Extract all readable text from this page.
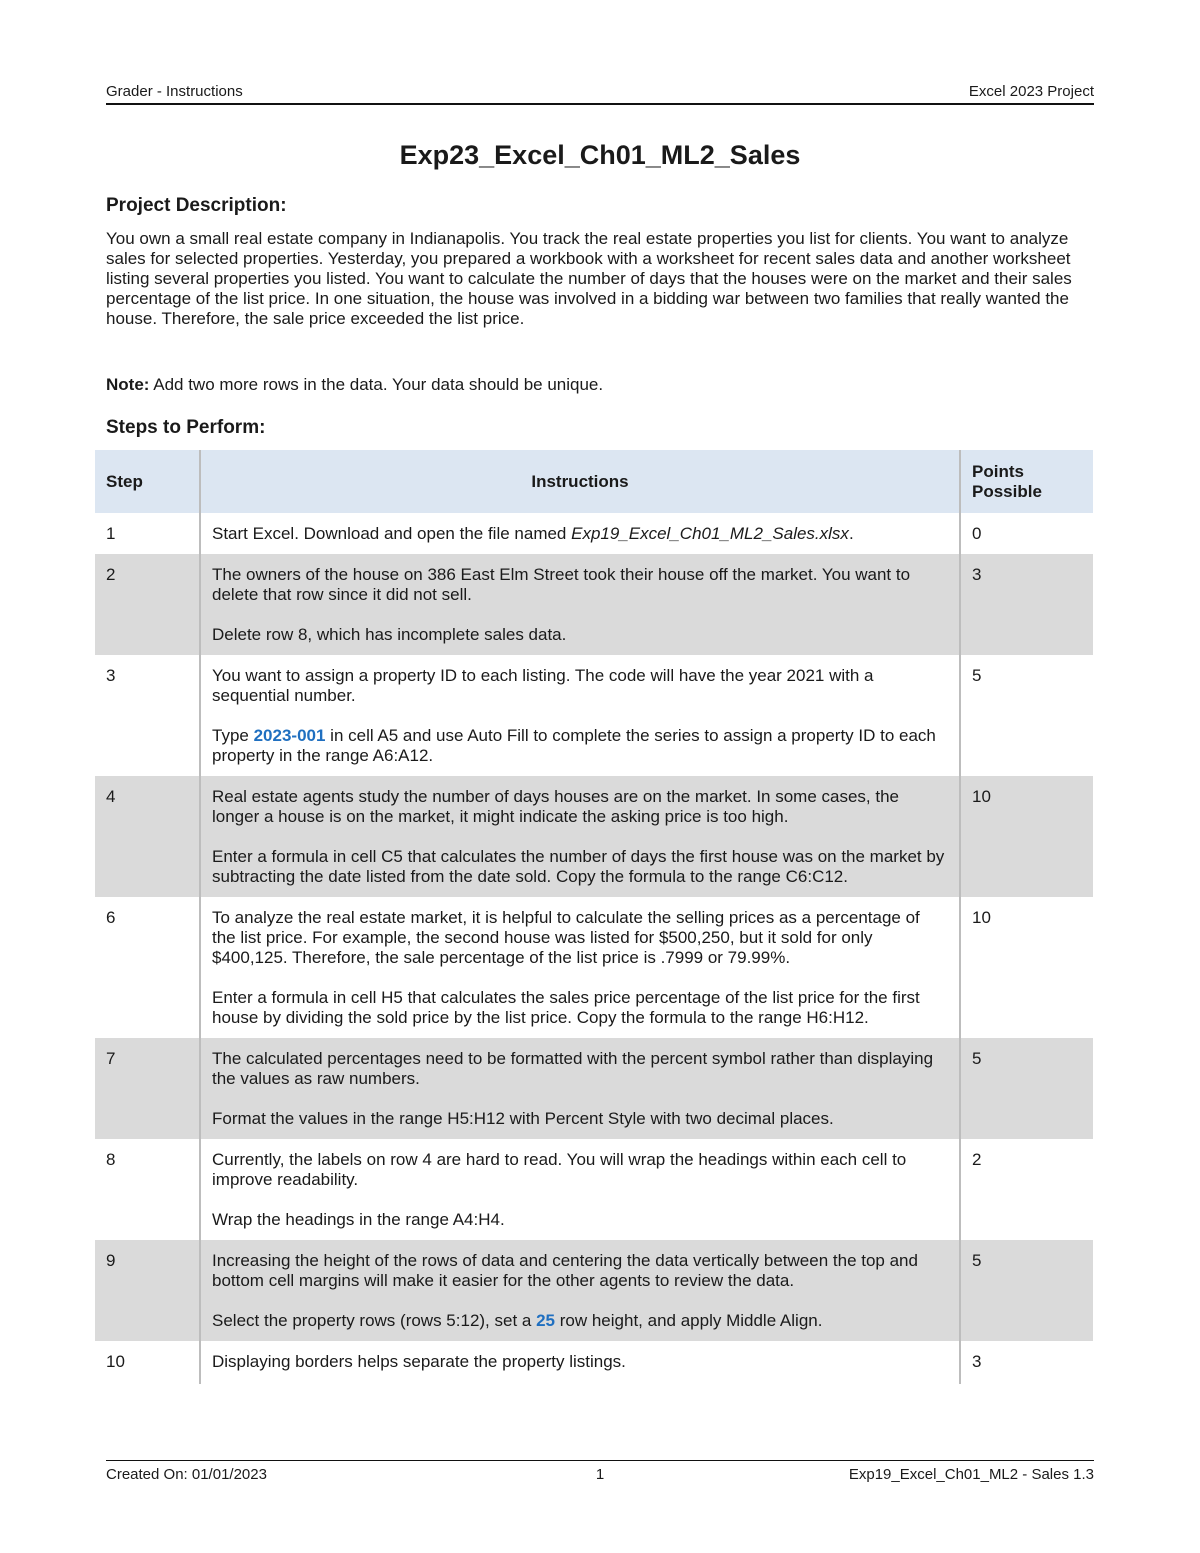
Grader - Instructions	Excel 2023 Project
Exp23_Excel_Ch01_ML2_Sales
Project Description:
You own a small real estate company in Indianapolis. You track the real estate properties you list for clients. You want to analyze sales for selected properties. Yesterday, you prepared a workbook with a worksheet for recent sales data and another worksheet listing several properties you listed. You want to calculate the number of days that the houses were on the market and their sales percentage of the list price. In one situation, the house was involved in a bidding war between two families that really wanted the house. Therefore, the sale price exceeded the list price.
Note: Add two more rows in the data. Your data should be unique.
Steps to Perform:
Step	Instructions	Points
Possible
1	Start Excel. Download and open the file named Exp19_Excel_Ch01_ML2_Sales.xlsx.	0
2	The owners of the house on 386 East Elm Street took their house off the market. You want to delete that row since it did not sell.

Delete row 8, which has incomplete sales data.	3
3	You want to assign a property ID to each listing. The code will have the year 2021 with a sequential number.

Type 2023-001 in cell A5 and use Auto Fill to complete the series to assign a property ID to each property in the range A6:A12.	5
4	Real estate agents study the number of days houses are on the market. In some cases, the longer a house is on the market, it might indicate the asking price is too high.

Enter a formula in cell C5 that calculates the number of days the first house was on the market by subtracting the date listed from the date sold. Copy the formula to the range C6:C12.	10
6	To analyze the real estate market, it is helpful to calculate the selling prices as a percentage of the list price. For example, the second house was listed for $500,250, but it sold for only $400,125. Therefore, the sale percentage of the list price is .7999 or 79.99%.

Enter a formula in cell H5 that calculates the sales price percentage of the list price for the first house by dividing the sold price by the list price. Copy the formula to the range H6:H12.	10
7	The calculated percentages need to be formatted with the percent symbol rather than displaying the values as raw numbers.

Format the values in the range H5:H12 with Percent Style with two decimal places.	5
8	Currently, the labels on row 4 are hard to read. You will wrap the headings within each cell to improve readability.

Wrap the headings in the range A4:H4.	2
9	Increasing the height of the rows of data and centering the data vertically between the top and bottom cell margins will make it easier for the other agents to review the data.

Select the property rows (rows 5:12), set a 25 row height, and apply Middle Align.	5
10	Displaying borders helps separate the property listings.	3
Created On: 01/01/2023	1	Exp19_Excel_Ch01_ML2 - Sales 1.3
